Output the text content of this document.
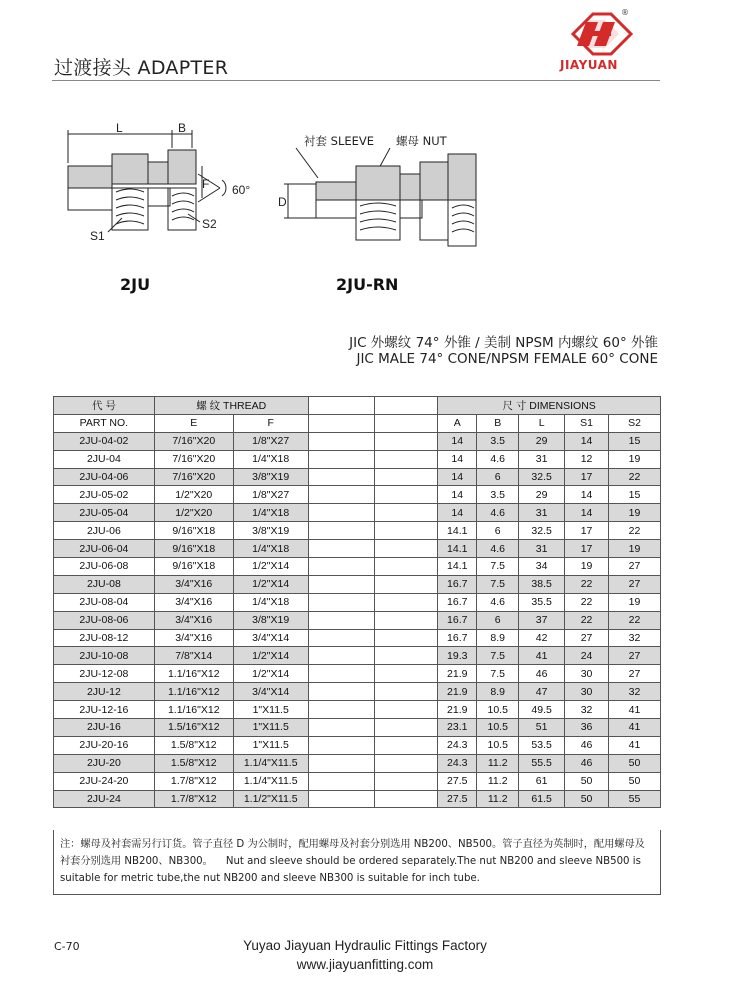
过渡接头 ADAPTER
®
JIAYUAN
L	B
F 60°
S1
S2
衬套 SLEEVE 螺母 NUT
D
2JU	2JU-RN
JIC 外螺纹 74° 外锥 / 美制 NPSM 内螺纹 60° 外锥
JIC MALE 74° CONE/NPSM FEMALE 60° CONE
代 号	螺 纹 THREAD				尺 寸 DIMENSIONS				
PART NO.	E	F			A	B	L	S1	S2
2JU-04-02	7/16"X20	1/8"X27			14	3.5	29	14	15
2JU-04	7/16"X20	1/4"X18			14	4.6	31	12	19
2JU-04-06	7/16"X20	3/8"X19			14	6	32.5	17	22
2JU-05-02	1/2"X20	1/8"X27			14	3.5	29	14	15
2JU-05-04	1/2"X20	1/4"X18			14	4.6	31	14	19
2JU-06	9/16"X18	3/8"X19			14.1	6	32.5	17	22
2JU-06-04	9/16"X18	1/4"X18			14.1	4.6	31	17	19
2JU-06-08	9/16"X18	1/2"X14			14.1	7.5	34	19	27
2JU-08	3/4"X16	1/2"X14			16.7	7.5	38.5	22	27
2JU-08-04	3/4"X16	1/4"X18			16.7	4.6	35.5	22	19
2JU-08-06	3/4"X16	3/8"X19			16.7	6	37	22	22
2JU-08-12	3/4"X16	3/4"X14			16.7	8.9	42	27	32
2JU-10-08	7/8"X14	1/2"X14			19.3	7.5	41	24	27
2JU-12-08	1.1/16"X12	1/2"X14			21.9	7.5	46	30	27
2JU-12	1.1/16"X12	3/4"X14			21.9	8.9	47	30	32
2JU-12-16	1.1/16"X12	1"X11.5			21.9	10.5	49.5	32	41
2JU-16	1.5/16"X12	1"X11.5			23.1	10.5	51	36	41
2JU-20-16	1.5/8"X12	1"X11.5			24.3	10.5	53.5	46	41
2JU-20	1.5/8"X12	1.1/4"X11.5			24.3	11.2	55.5	46	50
2JU-24-20	1.7/8"X12	1.1/4"X11.5			27.5	11.2	61	50	50
2JU-24	1.7/8"X12	1.1/2"X11.5			27.5	11.2	61.5	50	55
注：螺母及衬套需另行订货。管子直径 D 为公制时，配用螺母及衬套分别选用 NB200、NB500。管子直径为英制时，配用螺母及衬套分别选用 NB200、NB300。 Nut and sleeve should be ordered separately.The nut NB200 and sleeve NB500 is suitable for metric tube,the nut NB200 and sleeve NB300 is suitable for inch tube.
C-70	Yuyao Jiayuan Hydraulic Fittings Factory
www.jiayuanfitting.com
